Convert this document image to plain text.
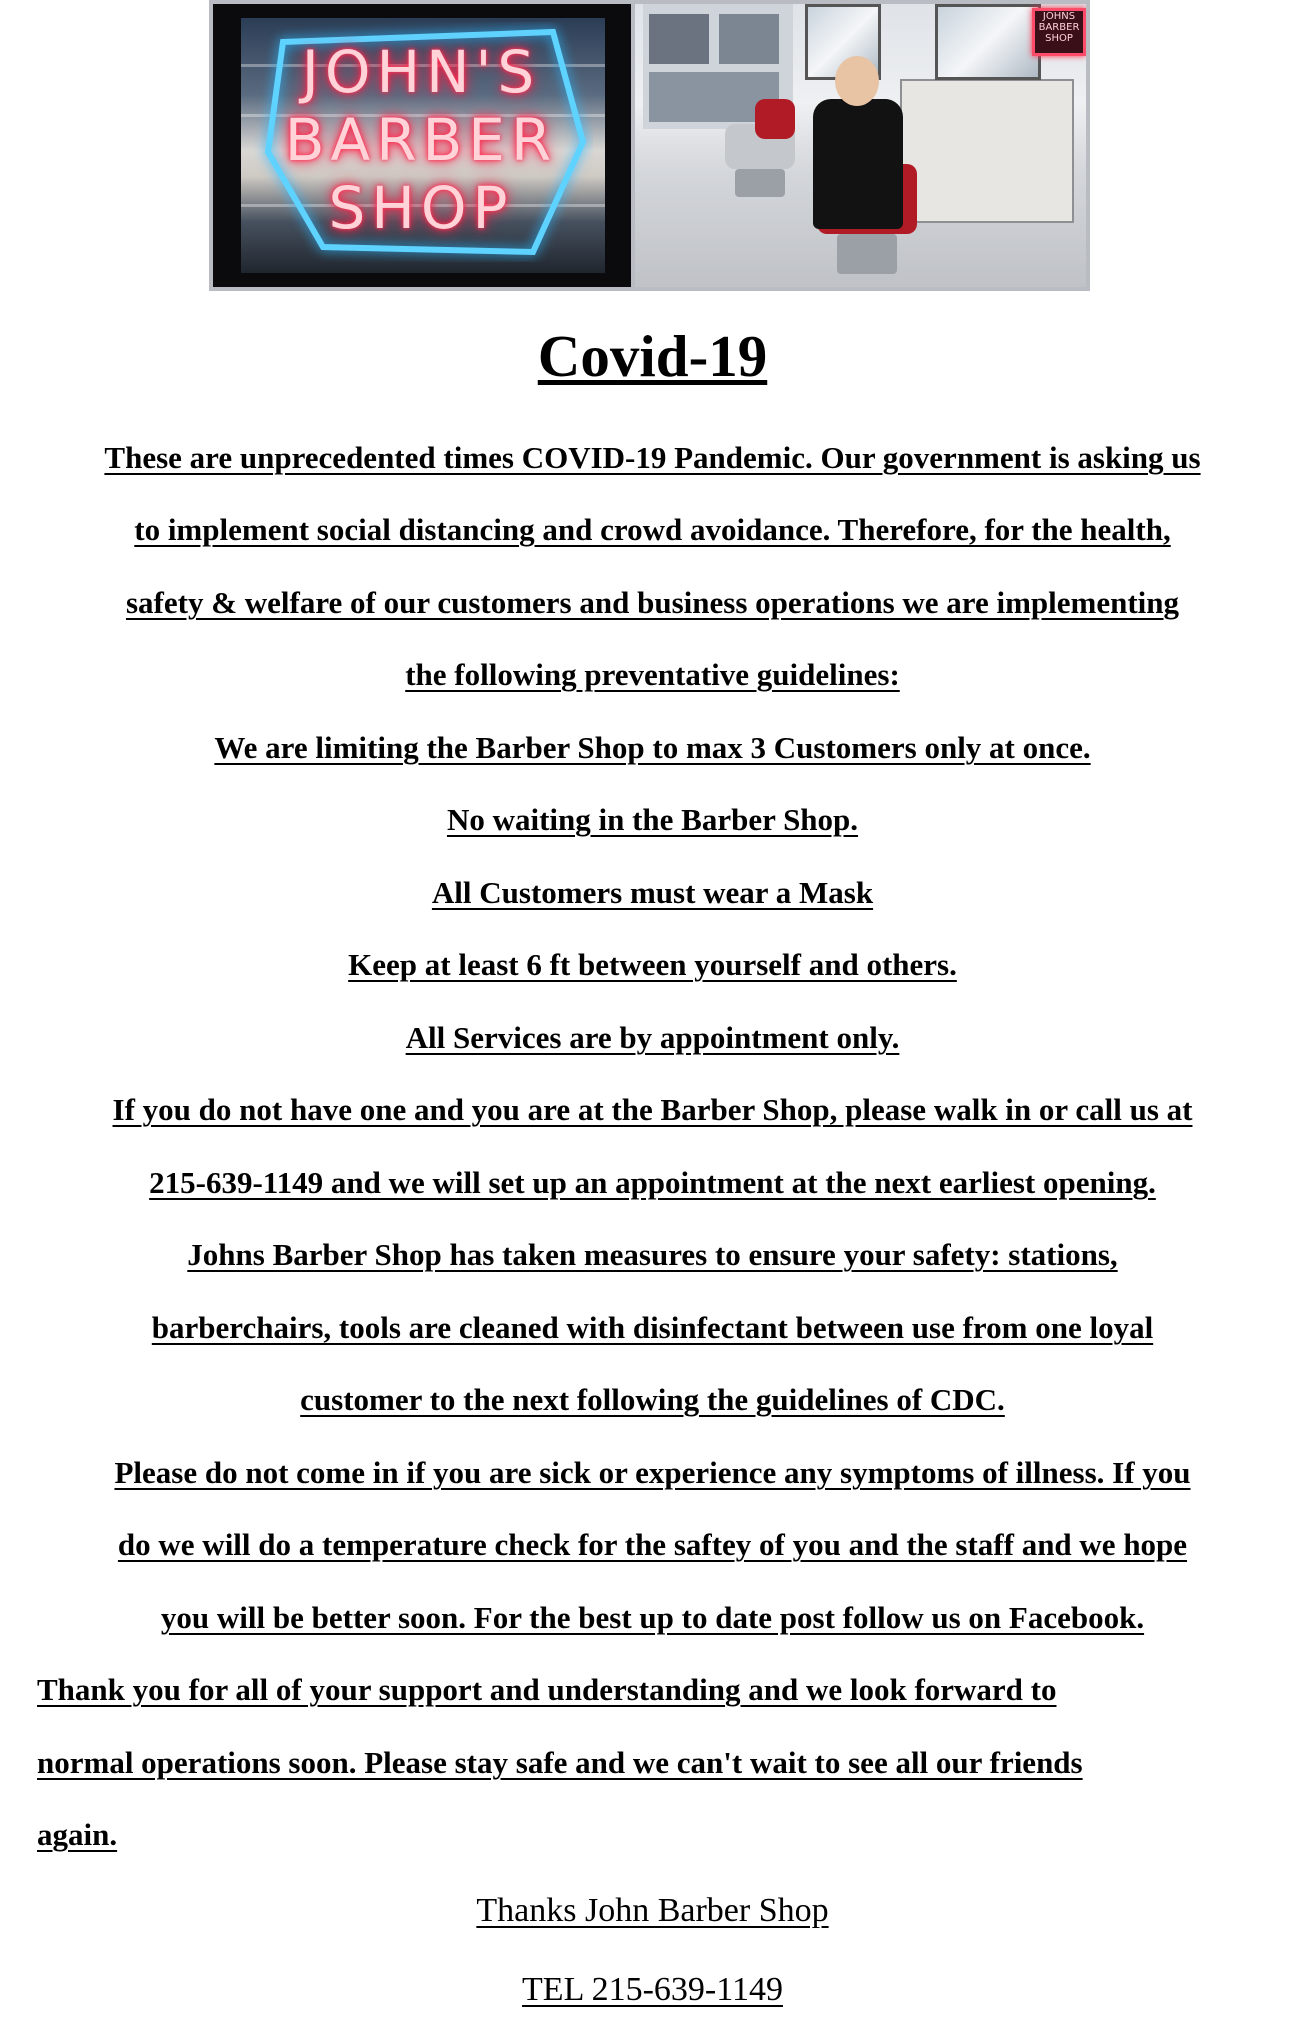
JOHN'S
BARBER
SHOP
JOHNS BARBER SHOP
Covid-19
These are unprecedented times COVID-19 Pandemic. Our government is asking us
to implement social distancing and crowd avoidance. Therefore, for the health,
safety & welfare of our customers and business operations we are implementing
the following preventative guidelines:
We are limiting the Barber Shop to max 3 Customers only at once.
No waiting in the Barber Shop.
All Customers must wear a Mask
Keep at least 6 ft between yourself and others.
All Services are by appointment only.
If you do not have one and you are at the Barber Shop, please walk in or call us at
215-639-1149 and we will set up an appointment at the next earliest opening.
Johns Barber Shop has taken measures to ensure your safety: stations,
barberchairs, tools are cleaned with disinfectant between use from one loyal
customer to the next following the guidelines of CDC.
Please do not come in if you are sick or experience any symptoms of illness. If you
do we will do a temperature check for the saftey of you and the staff and we hope
you will be better soon. For the best up to date post follow us on Facebook.
Thank you for all of your support and understanding and we look forward to
normal operations soon. Please stay safe and we can't wait to see all our friends
again.
Thanks John Barber Shop
TEL 215-639-1149
